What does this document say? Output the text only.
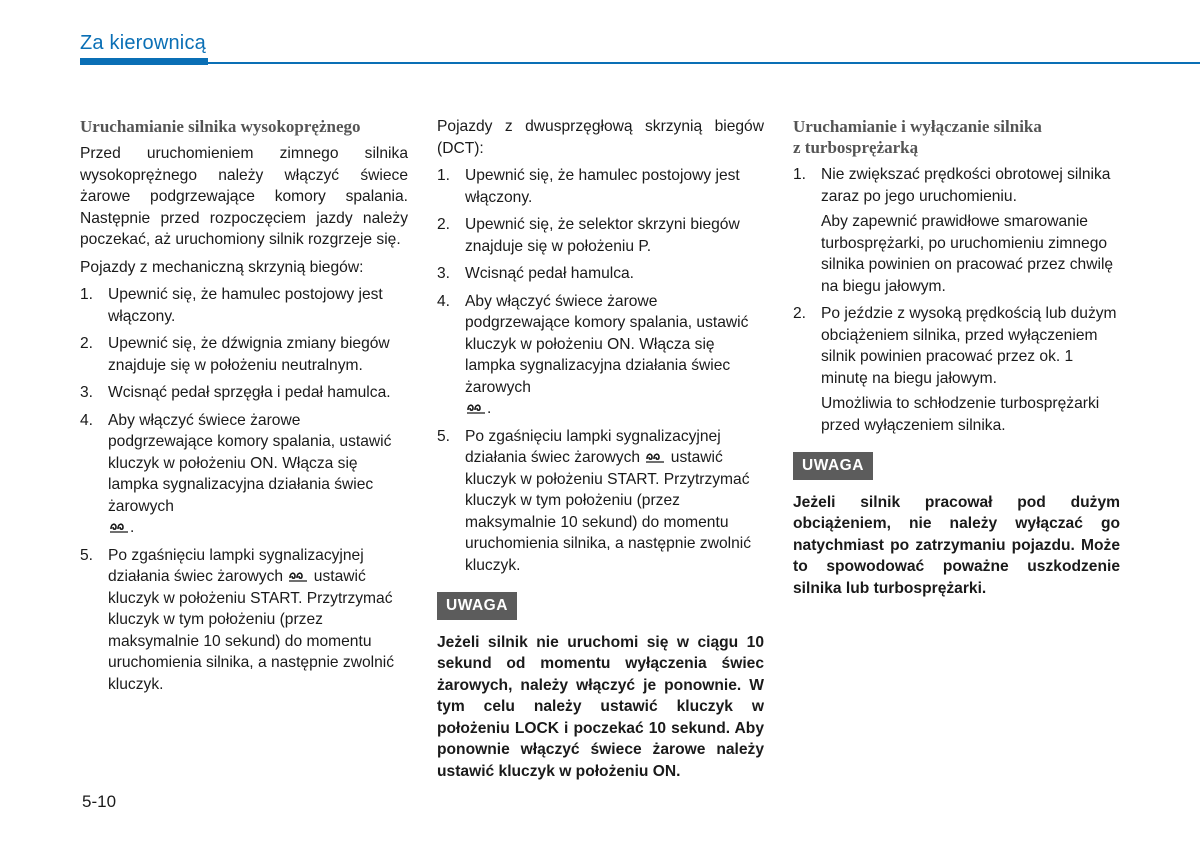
Za kierownicą
Uruchamianie silnika wysokoprężnego

Przed uruchomieniem zimnego silnika wysokoprężnego należy włączyć świece żarowe podgrzewające komory spalania. Następnie przed rozpoczęciem jazdy należy poczekać, aż uruchomiony silnik rozgrzeje się.

Pojazdy z mechaniczną skrzynią biegów:

1. Upewnić się, że hamulec postojowy jest włączony.
2. Upewnić się, że dźwignia zmiany biegów znajduje się w położeniu neutralnym.
3. Wcisnąć pedał sprzęgła i pedał hamulca.
4. Aby włączyć świece żarowe podgrzewające komory spalania, ustawić kluczyk w położeniu ON. Włącza się lampka sygnalizacyjna działania świec żarowych
.
5. Po zgaśnięciu lampki sygnalizacyjnej działania świec żarowych ustawić kluczyk w położeniu START. Przytrzymać kluczyk w tym położeniu (przez maksymalnie 10 sekund) do momentu uruchomienia silnika, a następnie zwolnić kluczyk.

Pojazdy z dwusprzęgłową skrzynią biegów (DCT):

1. Upewnić się, że hamulec postojowy jest włączony.
2. Upewnić się, że selektor skrzyni biegów znajduje się w położeniu P.
3. Wcisnąć pedał hamulca.
4. Aby włączyć świece żarowe podgrzewające komory spalania, ustawić kluczyk w położeniu ON. Włącza się lampka sygnalizacyjna działania świec żarowych
.
5. Po zgaśnięciu lampki sygnalizacyjnej działania świec żarowych ustawić kluczyk w położeniu START. Przytrzymać kluczyk w tym położeniu (przez maksymalnie 10 sekund) do momentu uruchomienia silnika, a następnie zwolnić kluczyk.
UWAGA

Jeżeli silnik nie uruchomi się w ciągu 10 sekund od momentu wyłączenia świec żarowych, należy włączyć je ponownie. W tym celu należy ustawić kluczyk w położeniu LOCK i poczekać 10 sekund. Aby ponownie włączyć świece żarowe należy ustawić kluczyk w położeniu ON.

Uruchamianie i wyłączanie silnika
z turbosprężarką
1. Nie zwiększać prędkości obrotowej silnika zaraz po jego uruchomieniu.
Aby zapewnić prawidłowe smarowanie turbosprężarki, po uruchomieniu zimnego silnika powinien on pracować przez chwilę na biegu jałowym.
2. Po jeździe z wysoką prędkością lub dużym obciążeniem silnika, przed wyłączeniem silnik powinien pracować przez ok. 1 minutę na biegu jałowym.
Umożliwia to schłodzenie turbosprężarki przed wyłączeniem silnika.
UWAGA

Jeżeli silnik pracował pod dużym obciążeniem, nie należy wyłączać go natychmiast po zatrzymaniu pojazdu. Może to spowodować poważne uszkodzenie silnika lub turbosprężarki.

5-10
